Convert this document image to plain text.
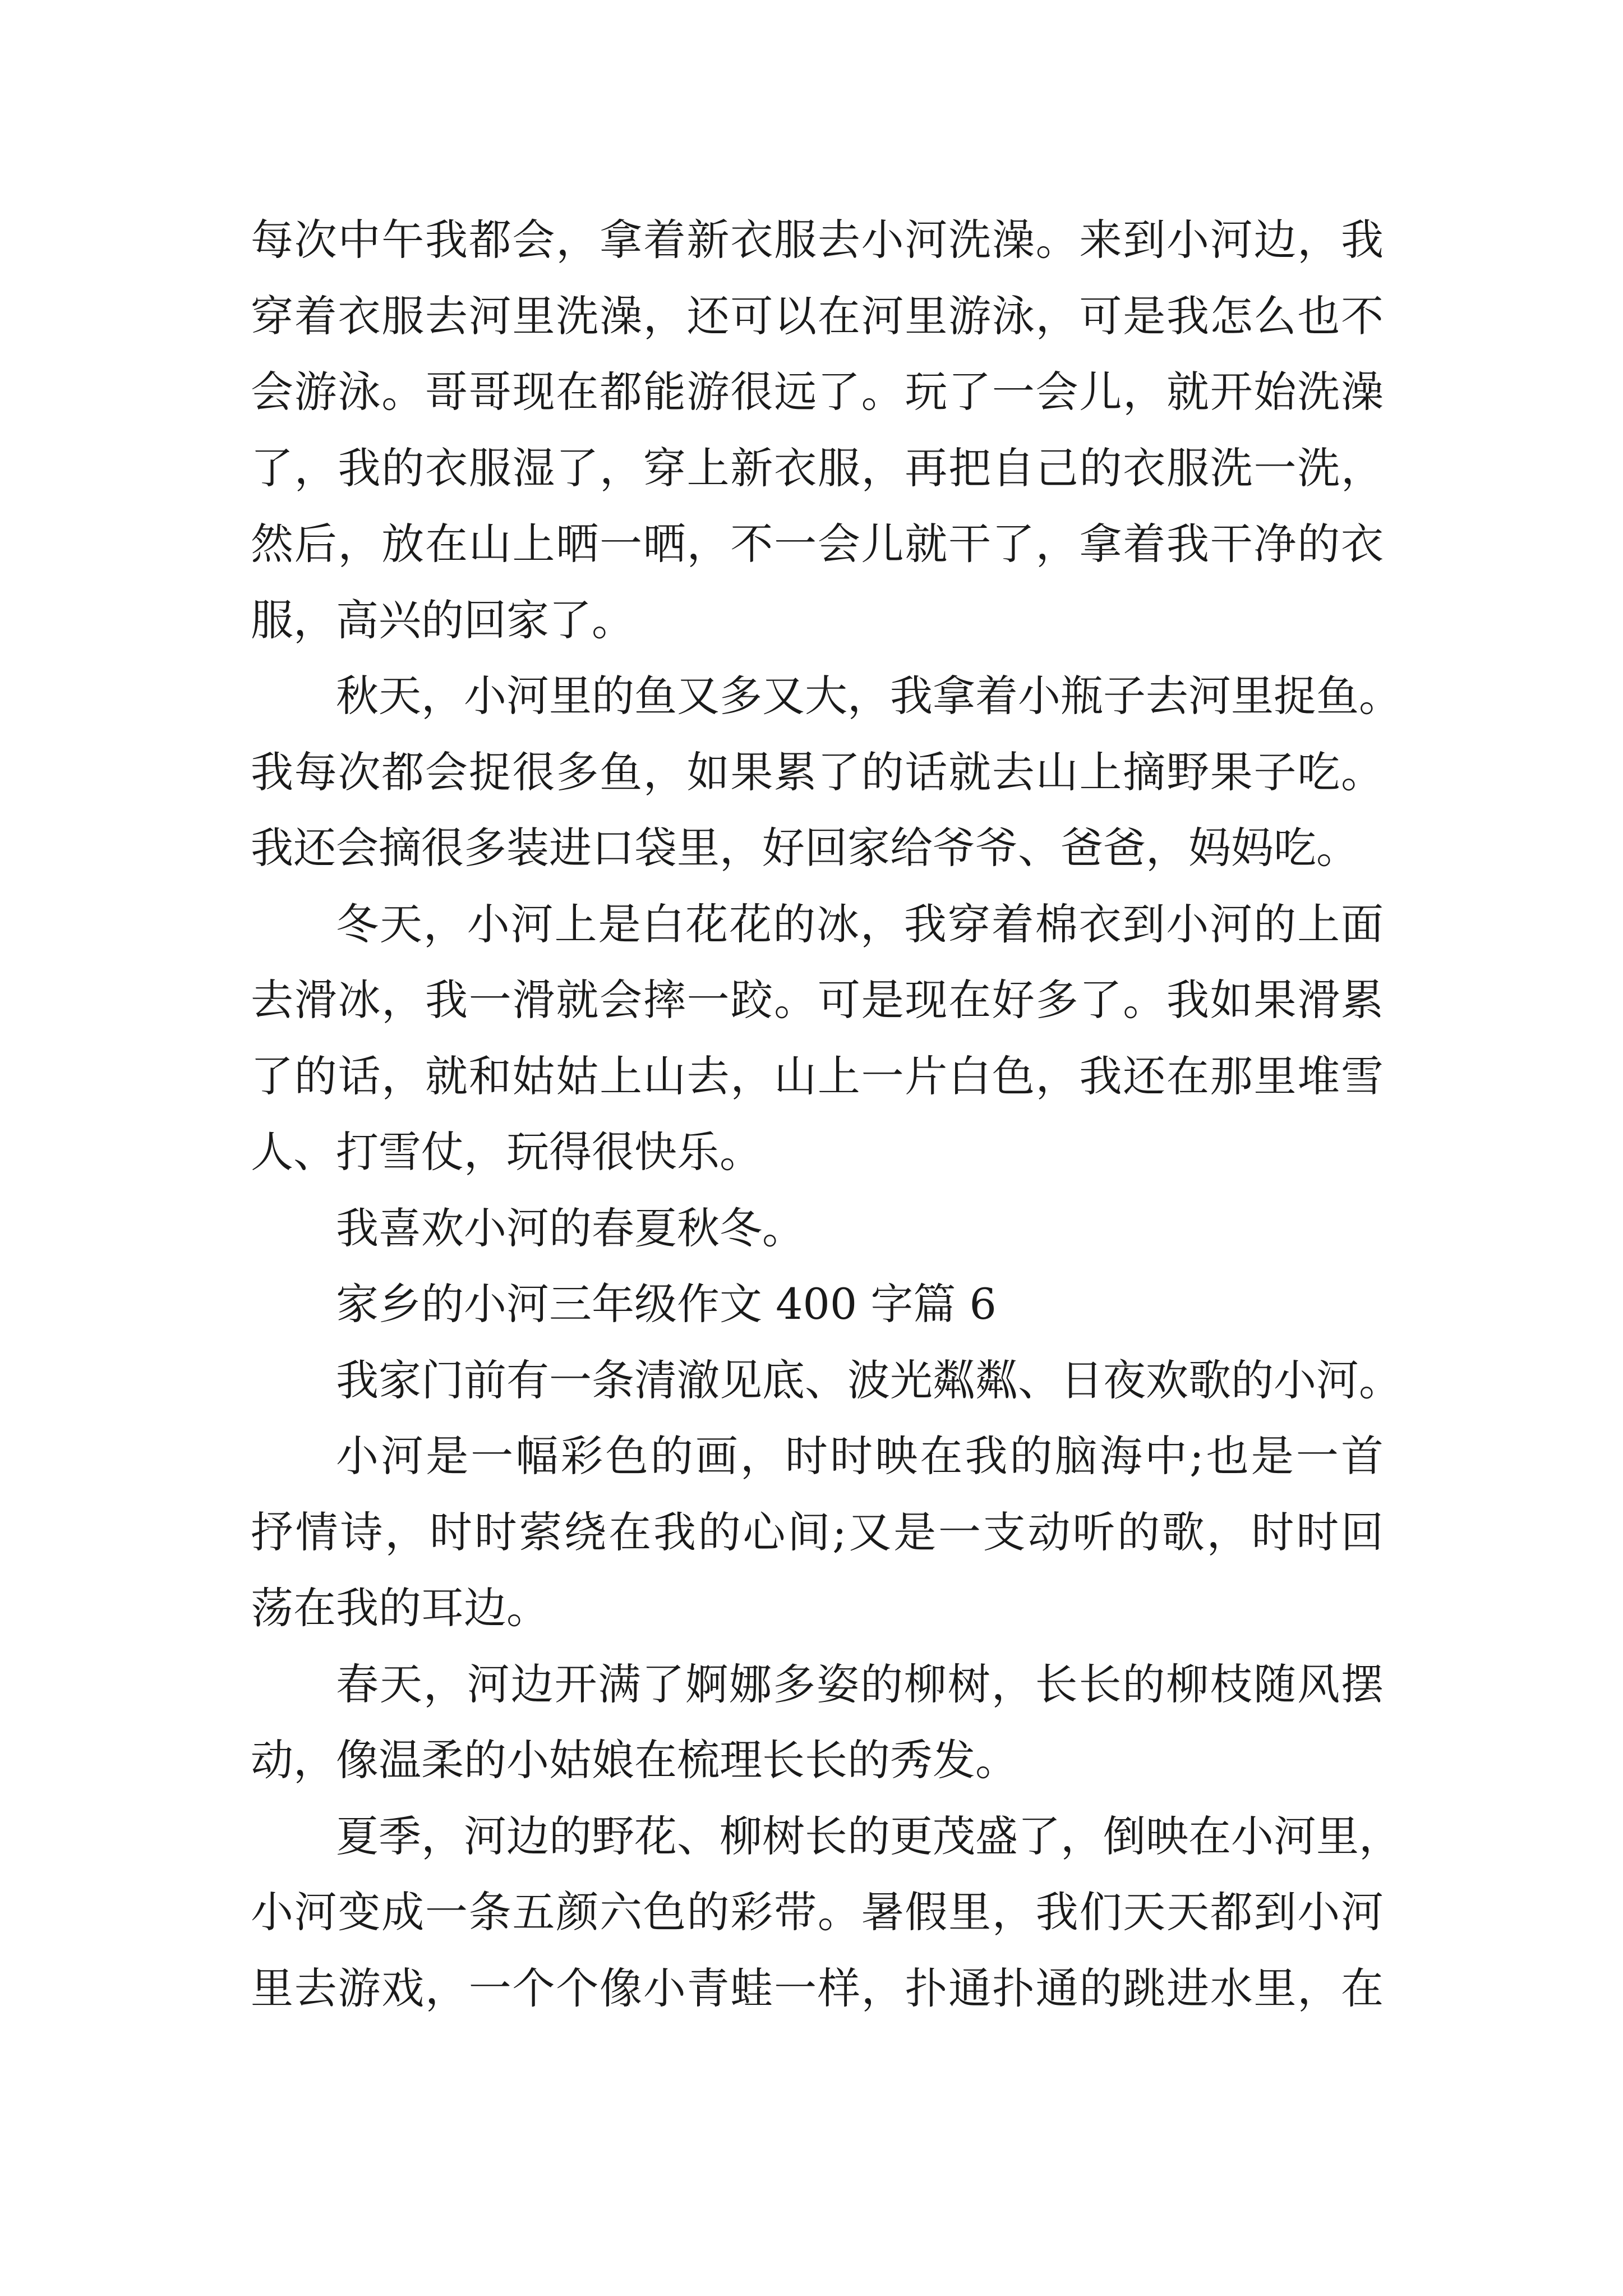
每次中午我都会，拿着新衣服去小河洗澡。来到小河边，我
穿着衣服去河里洗澡，还可以在河里游泳，可是我怎么也不
会游泳。哥哥现在都能游很远了。玩了一会儿，就开始洗澡
了，我的衣服湿了，穿上新衣服，再把自己的衣服洗一洗，
然后，放在山上晒一晒，不一会儿就干了，拿着我干净的衣
服，高兴的回家了。
秋天，小河里的鱼又多又大，我拿着小瓶子去河里捉鱼。
我每次都会捉很多鱼，如果累了的话就去山上摘野果子吃。
我还会摘很多装进口袋里，好回家给爷爷、爸爸，妈妈吃。
冬天，小河上是白花花的冰，我穿着棉衣到小河的上面
去滑冰，我一滑就会摔一跤。可是现在好多了。我如果滑累
了的话，就和姑姑上山去，山上一片白色，我还在那里堆雪
人、打雪仗，玩得很快乐。
我喜欢小河的春夏秋冬。
家乡的小河三年级作文 400 字篇 6
我家门前有一条清澈见底、波光粼粼、日夜欢歌的小河。
小河是一幅彩色的画，时时映在我的脑海中;也是一首
抒情诗，时时萦绕在我的心间;又是一支动听的歌，时时回
荡在我的耳边。
春天，河边开满了婀娜多姿的柳树，长长的柳枝随风摆
动，像温柔的小姑娘在梳理长长的秀发。
夏季，河边的野花、柳树长的更茂盛了，倒映在小河里，
小河变成一条五颜六色的彩带。暑假里，我们天天都到小河
里去游戏，一个个像小青蛙一样，扑通扑通的跳进水里，在
